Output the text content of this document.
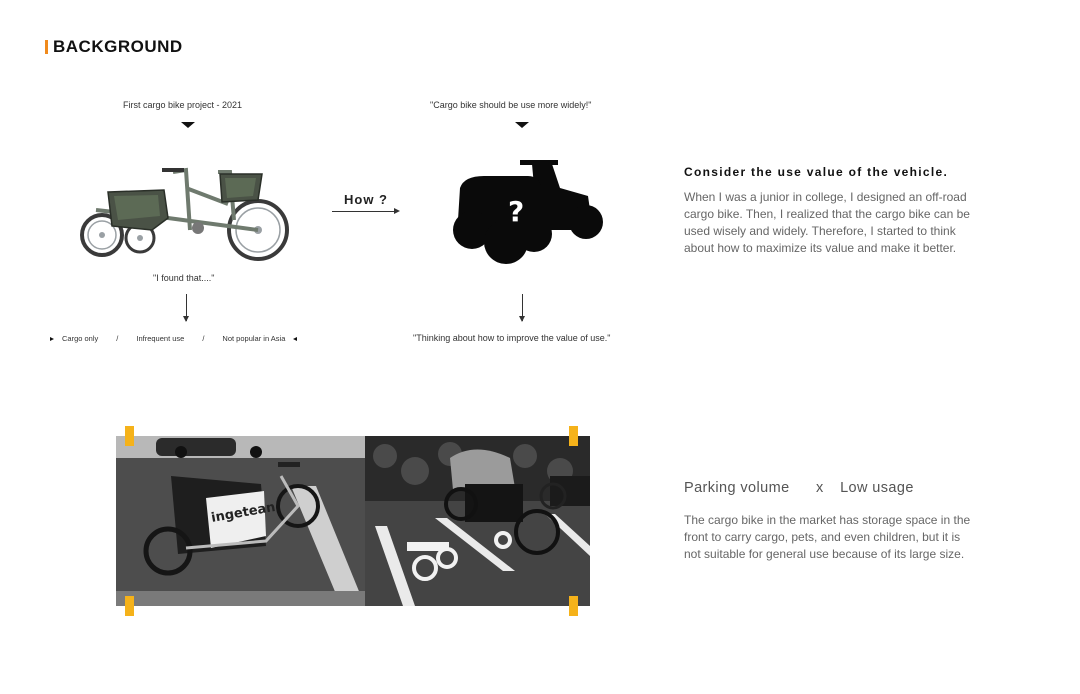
BACKGROUND
First cargo bike project - 2021
"I found that...."
Cargo only / Infrequent use / Not popular in Asia
How ?
"Cargo bike should be use more widely!"
?
"Thinking about how to improve the value of use."
Consider the use value of the vehicle.
When I was a junior in college, I designed an off-road
cargo bike. Then, I realized that the cargo bike can be
used wisely and widely. Therefore, I started to think
about how to maximize its value and make it better.
ingetean
Parking volume x Low usage
The cargo bike in the market has storage space in the
front to carry cargo, pets, and even children, but it is
not suitable for general use because of its large size.
